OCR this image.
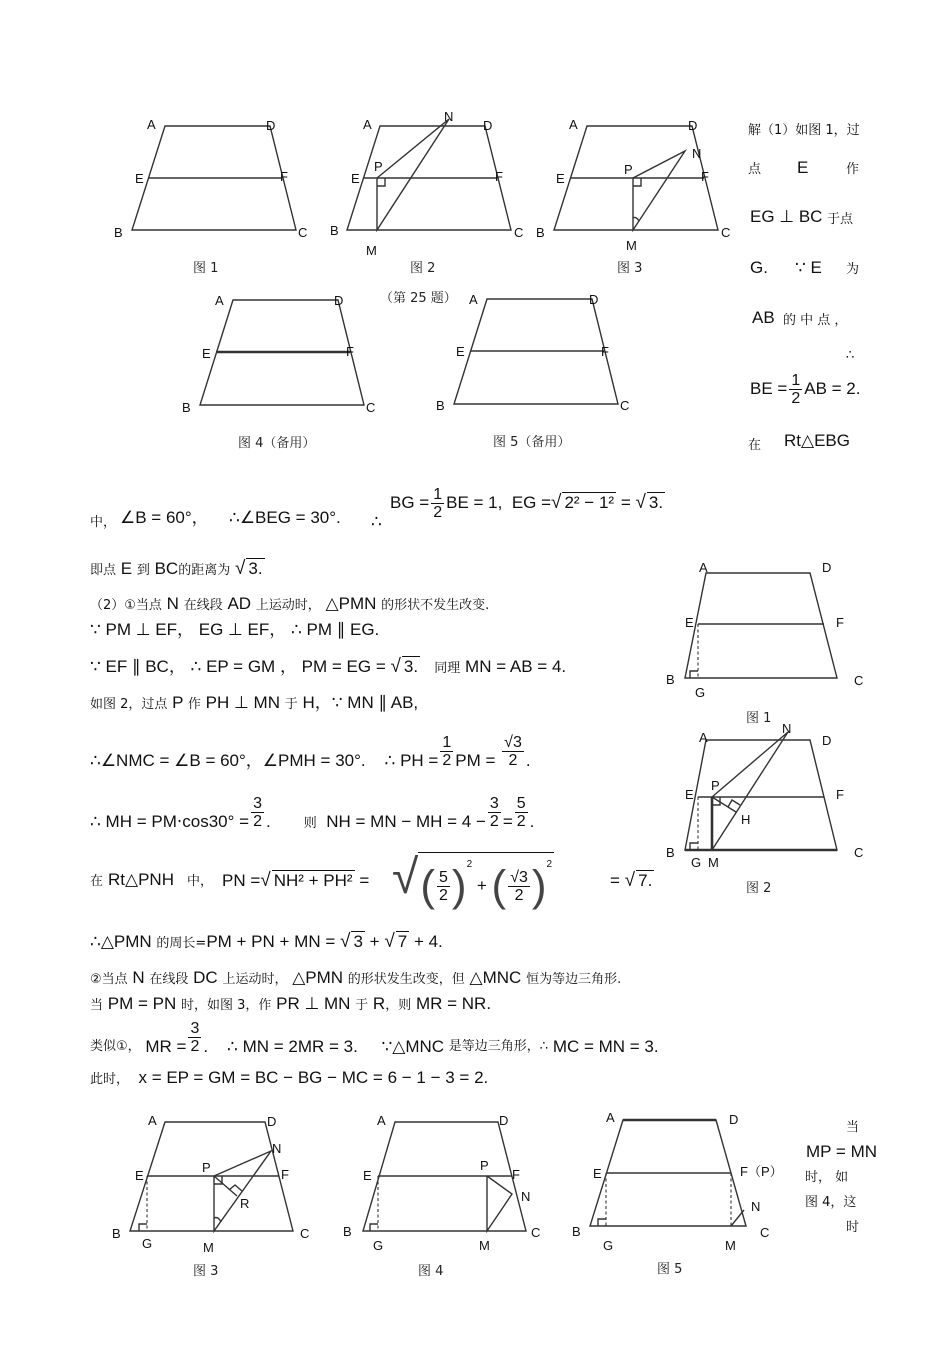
A	D
E	F
B	C
图 1
A
N
D
P
E	F
B
M
C
图 2
A	D
N
E
P	F
B
M
C
图 3
（第 25 题）
A	D
E	F
B	C
图 4（备用）
A	D
E	F
B	C
图 5（备用）
解（1）如图 1，过
点 E	作
EG ⊥ BC 于点
G. ∵ E 为
AB 的 中 点 ，
∴
BE = $\frac{1}{2}$ AB = 2.
在 Rt△EBG
A	D
E	F
B
G
C
图 1
A
N
D
P
E	F
H
B
G M
C
图 2
中， ∠B = 60°， ∴∠BEG = 30°. ∴
BG = $\frac{1}{2}$ BE = 1, EG =√ 2² − 1² = √ 3.
即点 E 到 BC的距离为 √ 3.
（2）①当点 N 在线段 AD 上运动时， △PMN 的形状不发生改变.
∵ PM ⊥ EF， EG ⊥ EF， ∴ PM ∥ EG.
∵ EF ∥ BC， ∴ EP = GM ， PM = EG = √ 3. 同理 MN = AB = 4.
如图 2，过点 P 作 PH ⊥ MN 于 H，∵ MN ∥ AB,
∴∠NMC = ∠B = 60°，∠PMH = 30°. ∴ PH = $\frac{1}{2}$ PM = $\frac{√3}{2}$ .
∴ MH = $PM\cdot\cos 30^\circ = \frac{3}{2}$ .	$_则$ NH = MN − MH = $4 - \frac{3}{2} = \frac{5}{2}$ .
在 Rt△PNH 中， PN =√ NH² + PH² = √( $\frac{5}{2} )^2$ + ( $\frac{√3}{2} )^2$
= √ 7.
∴△PMN 的周长=PM + PN + MN = √ 3 + √ 7 + 4.
②当点 N 在线段 DC 上运动时， △PMN 的形状发生改变，但 △MNC 恒为等边三角形.
当 PM = PN 时，如图 3，作 PR ⊥ MN 于 R，则 MR = NR.
$_{类似①,}$ MR = $\frac{3}{2}$ . ∴ MN = 2MR = 3. ∵△MNC $_{是等边三角形,\therefore}$ MC = MN = 3.
此时， x = EP = GM = BC − BG − MC = 6 − 1 − 3 = 2.
A	D
N
E
P	F
R
B
G	M
C
图 3
A	D
P
E	F
N
B
G	M
C
图 4
A	D
E	F（P）
N
B
G	M
C
图 5
当
MP = MN
时， 如
图 4，这
时
